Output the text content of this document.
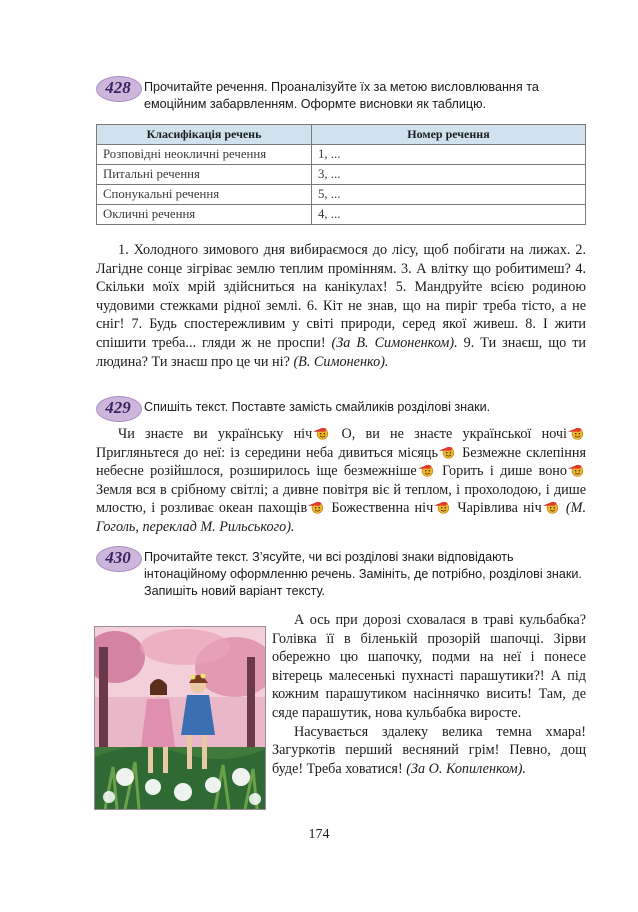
428	Прочитайте речення. Проаналізуйте їх за метою висловлювання та емоційним забарвленням. Оформте висновки як таблицю.
Класифікація речень	Номер речення
Розповідні неокличні речення	1, ...
Питальні речення	3, ...
Спонукальні речення	5, ...
Окличні речення	4, ...

1. Холодного зимового дня вибираємося до лісу, щоб побігати на лижах. 2. Лагідне сонце зігріває землю теплим промінням. 3. А влітку що робитимеш? 4. Скільки моїх мрій здійсниться на канікулах! 5. Мандруйте всією родиною чудовими стежками рідної землі. 6. Кіт не знав, що на пиріг треба тісто, а не сніг! 7. Будь спостережливим у світі природи, серед якої живеш. 8. І жити спішити треба... гляди ж не проспи! (За В. Симоненком). 9. Ти знаєш, що ти людина? Ти знаєш про це чи ні? (В. Симоненко).

429	Спишіть текст. Поставте замість смайликів розділові знаки.

Чи знаєте ви українську ніч О, ви не знаєте української ночі Пригляньтеся до неї: із середини неба дивиться місяць Безмежне склепіння небесне розійшлося, розширилось іще безмежніше Горить і дише воно Земля вся в срібному світлі; а дивне повітря віє й теплом, і прохолодою, і дише млостю, і розливає океан пахощів Божественна ніч Чарівлива ніч (М. Гоголь, переклад М. Рильського).

430	Прочитайте текст. З’ясуйте, чи всі розділові знаки відповідають інтонаційному оформленню речень. Замініть, де потрібно, розділові знаки. Запишіть новий варіант тексту.

А ось при дорозі сховалася в траві кульбабка? Голівка її в біленькій прозорій шапочці. Зірви обережно цю шапочку, подми на неї і понесе вітерець малесенькі пухнасті парашутики?! А під кожним парашутиком насіннячко висить! Там, де сяде парашутик, нова кульбабка виросте.

Насувається здалеку велика темна хмара! Загуркотів перший весняний грім! Певно, дощ буде! Треба ховатися! (За О. Копиленком).

174
